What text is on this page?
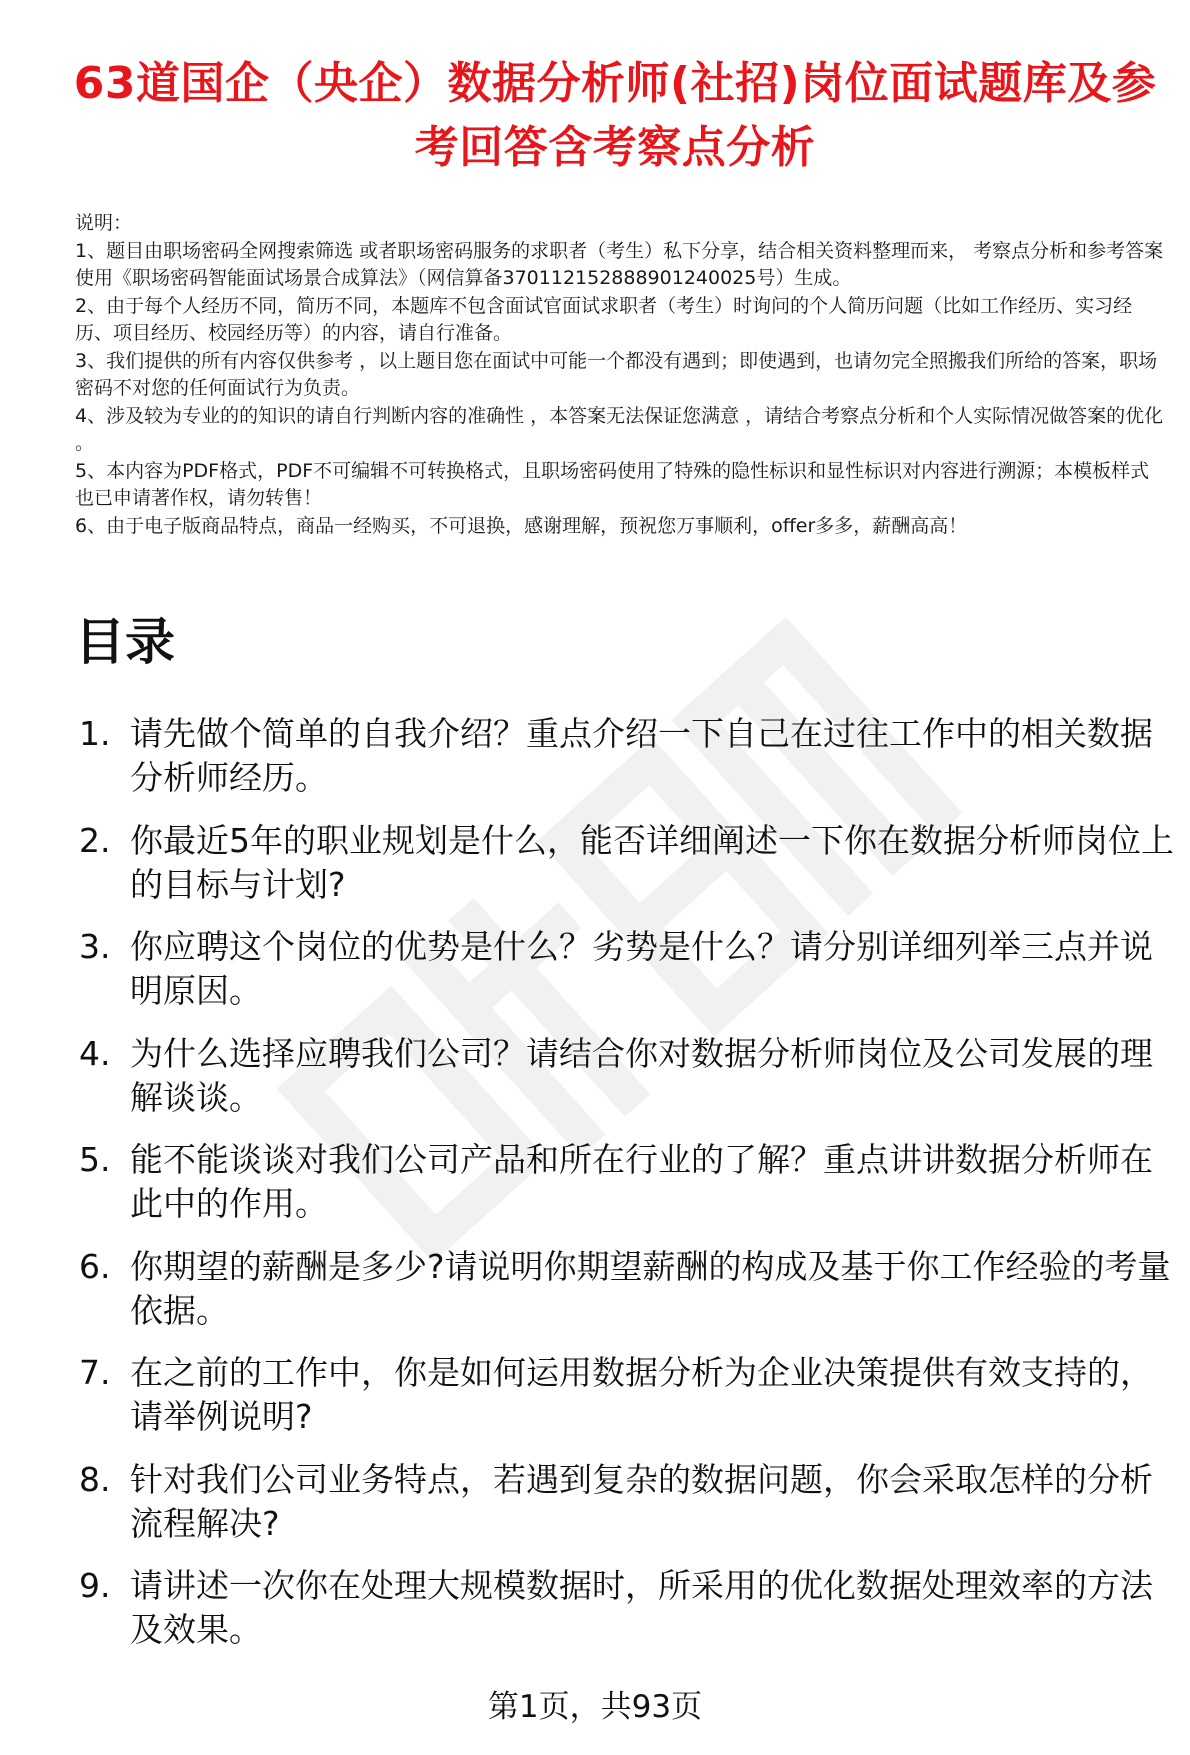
63道国企（央企）数据分析师(社招)岗位面试题库及参考回答含考察点分析

说明：

1、题目由职场密码全网搜索筛选 或者职场密码服务的求职者（考生）私下分享，结合相关资料整理而来， 考察点分析和参考答案使用《职场密码智能面试场景合成算法》（网信算备370112152888901240025号）生成。

2、由于每个人经历不同，简历不同，本题库不包含面试官面试求职者（考生）时询问的个人简历问题（比如工作经历、实习经历、项目经历、校园经历等）的内容，请自行准备。

3、我们提供的所有内容仅供参考 ，以上题目您在面试中可能一个都没有遇到；即使遇到，也请勿完全照搬我们所给的答案，职场密码不对您的任何面试行为负责。

4、涉及较为专业的的知识的请自行判断内容的准确性 ，本答案无法保证您满意 ，请结合考察点分析和个人实际情况做答案的优化 。

5、本内容为PDF格式，PDF不可编辑不可转换格式，且职场密码使用了特殊的隐性标识和显性标识对内容进行溯源；本模板样式也已申请著作权，请勿转售！

6、由于电子版商品特点，商品一经购买，不可退换，感谢理解，预祝您万事顺利，offer多多，薪酬高高！

目录
1. 请先做个简单的自我介绍？重点介绍一下自己在过往工作中的相关数据分析师经历。
2. 你最近5年的职业规划是什么，能否详细阐述一下你在数据分析师岗位上的目标与计划?
3. 你应聘这个岗位的优势是什么？劣势是什么？请分别详细列举三点并说明原因。
4. 为什么选择应聘我们公司？请结合你对数据分析师岗位及公司发展的理解谈谈。
5. 能不能谈谈对我们公司产品和所在行业的了解？重点讲讲数据分析师在此中的作用。
6. 你期望的薪酬是多少?请说明你期望薪酬的构成及基于你工作经验的考量依据。
7. 在之前的工作中，你是如何运用数据分析为企业决策提供有效支持的，请举例说明?
8. 针对我们公司业务特点，若遇到复杂的数据问题，你会采取怎样的分析流程解决?
9. 请讲述一次你在处理大规模数据时，所采用的优化数据处理效率的方法及效果。
第1页，共93页
